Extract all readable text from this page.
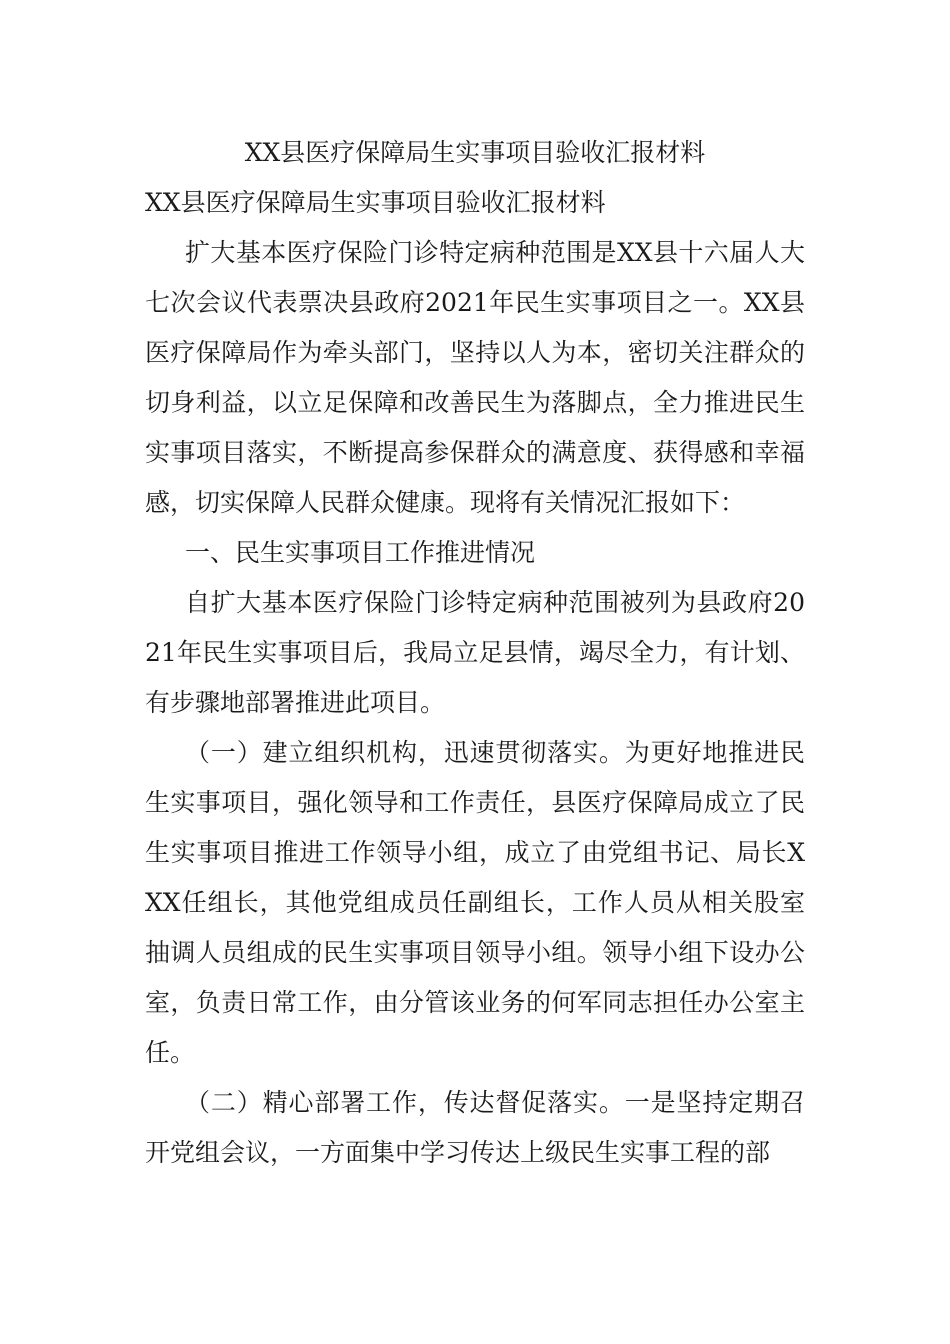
XX县医疗保障局生实事项目验收汇报材料

XX县医疗保障局生实事项目验收汇报材料

扩大基本医疗保险门诊特定病种范围是XX县十六届人大七次会议代表票决县政府2021年民生实事项目之一。XX县医疗保障局作为牵头部门，坚持以人为本，密切关注群众的切身利益，以立足保障和改善民生为落脚点，全力推进民生实事项目落实，不断提高参保群众的满意度、获得感和幸福感，切实保障人民群众健康。现将有关情况汇报如下：

一、民生实事项目工作推进情况

自扩大基本医疗保险门诊特定病种范围被列为县政府2021年民生实事项目后，我局立足县情，竭尽全力，有计划、有步骤地部署推进此项目。

（一）建立组织机构，迅速贯彻落实。为更好地推进民生实事项目，强化领导和工作责任，县医疗保障局成立了民生实事项目推进工作领导小组，成立了由党组书记、局长XXX任组长，其他党组成员任副组长，工作人员从相关股室抽调人员组成的民生实事项目领导小组。领导小组下设办公室，负责日常工作，由分管该业务的何军同志担任办公室主任。

（二）精心部署工作，传达督促落实。一是坚持定期召开党组会议，一方面集中学习传达上级民生实事工程的部
